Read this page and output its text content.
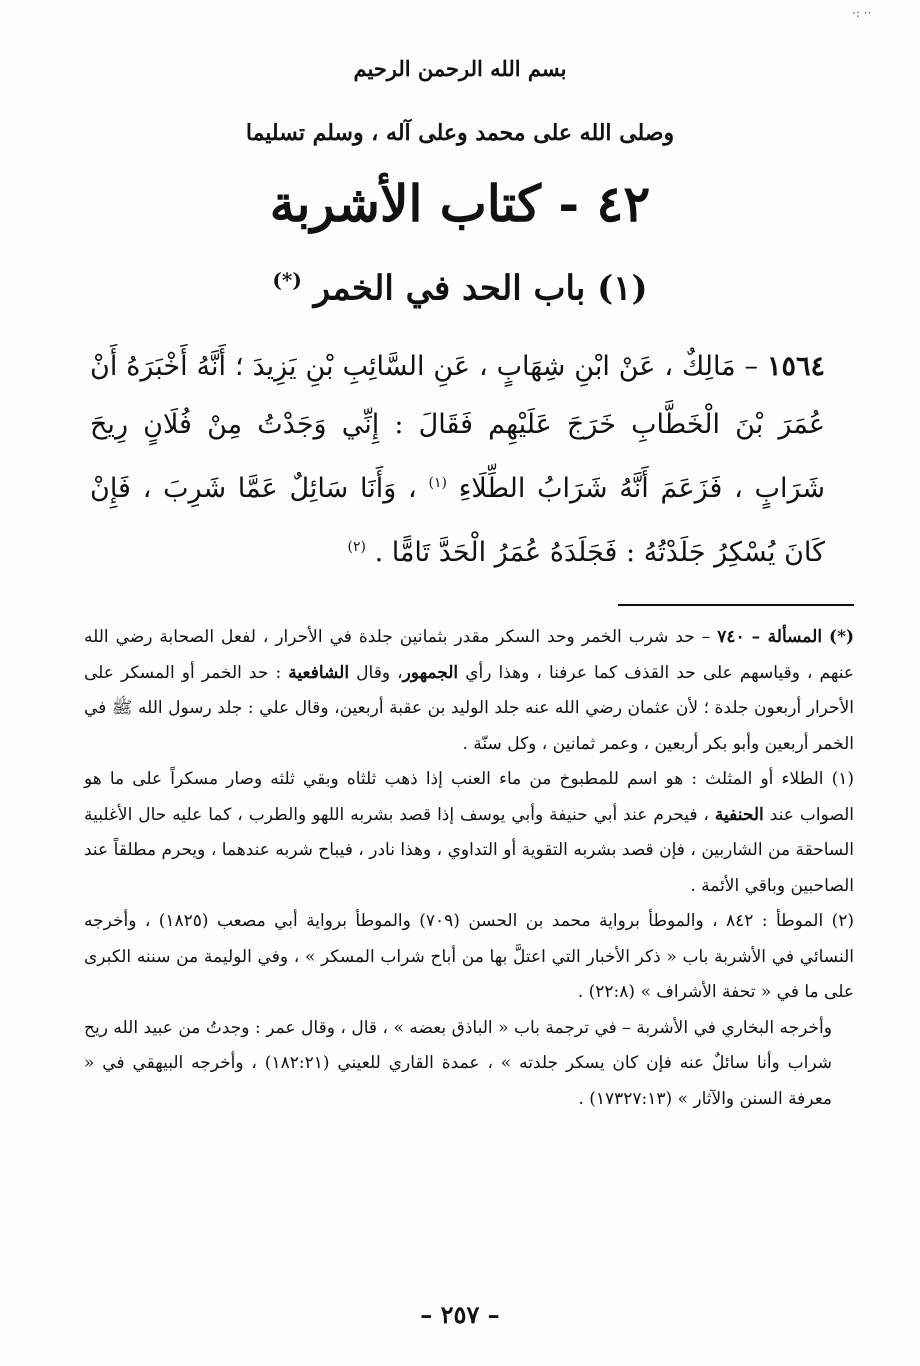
·· :·
بسم الله الرحمن الرحيم
وصلى الله على محمد وعلى آله ، وسلم تسليما
٤٢ - كتاب الأشربة
(١) باب الحد في الخمر (*)
١٥٦٤ – مَالِكٌ ، عَنْ ابْنِ شِهَابٍ ، عَنِ السَّائِبِ بْنِ يَزِيدَ ؛ أَنَّهُ أَخْبَرَهُ أَنْ عُمَرَ بْنَ الْخَطَّابِ خَرَجَ عَلَيْهِم فَقَالَ : إِنِّي وَجَدْتُ مِنْ فُلَانٍ رِيحَ شَرَابٍ ، فَزَعَمَ أَنَّهُ شَرَابُ الطِّلَاءِ $^{(١)}$ ، وَأَنَا سَائِلٌ عَمَّا شَرِبَ ، فَإِنْ كَانَ يُسْكِرُ جَلَدْتُهُ : فَجَلَدَهُ عُمَرُ الْحَدَّ تَامًّا . $^{(٢)}$

(*) المسألة – ٧٤٠ – حد شرب الخمر وحد السكر مقدر بثمانين جلدة في الأحرار ، لفعل الصحابة رضي الله عنهم ، وقياسهم على حد القذف كما عرفنا ، وهذا رأي الجمهور، وقال الشافعية : حد الخمر أو المسكر على الأحرار أربعون جلدة ؛ لأن عثمان رضي الله عنه جلد الوليد بن عقبة أربعين، وقال علي : جلد رسول الله ﷺ في الخمر أربعين وأبو بكر أربعين ، وعمر ثمانين ، وكل سنّة .

(١) الطلاء أو المثلث : هو اسم للمطبوخ من ماء العنب إذا ذهب ثلثاه وبقي ثلثه وصار مسكراً على ما هو الصواب عند الحنفية ، فيحرم عند أبي حنيفة وأبي يوسف إذا قصد بشربه اللهو والطرب ، كما عليه حال الأغلبية الساحقة من الشاربين ، فإن قصد بشربه التقوية أو التداوي ، وهذا نادر ، فيباح شربه عندهما ، ويحرم مطلقاً عند الصاحبين وباقي الأئمة .

(٢) الموطأ : ٨٤٢ ، والموطأ برواية محمد بن الحسن (٧٠٩) والموطأ برواية أبي مصعب (١٨٢٥) ، وأخرجه النسائي في الأشربة باب « ذكر الأخبار التي اعتلَّ بها من أباح شراب المسكر » ، وفي الوليمة من سننه الكبرى على ما في « تحفة الأشراف » (٢٢:٨) .

وأخرجه البخاري في الأشربة – في ترجمة باب « الباذق بعضه » ، قال ، وقال عمر : وجدتُ من عبيد الله ريح شراب وأنا سائلٌ عنه فإن كان يسكر جلدته » ، عمدة القاري للعيني (١٨٢:٢١) ، وأخرجه البيهقي في « معرفة السنن والآثار » (١٧٣٢٧:١٣) .

– ٢٥٧ –
